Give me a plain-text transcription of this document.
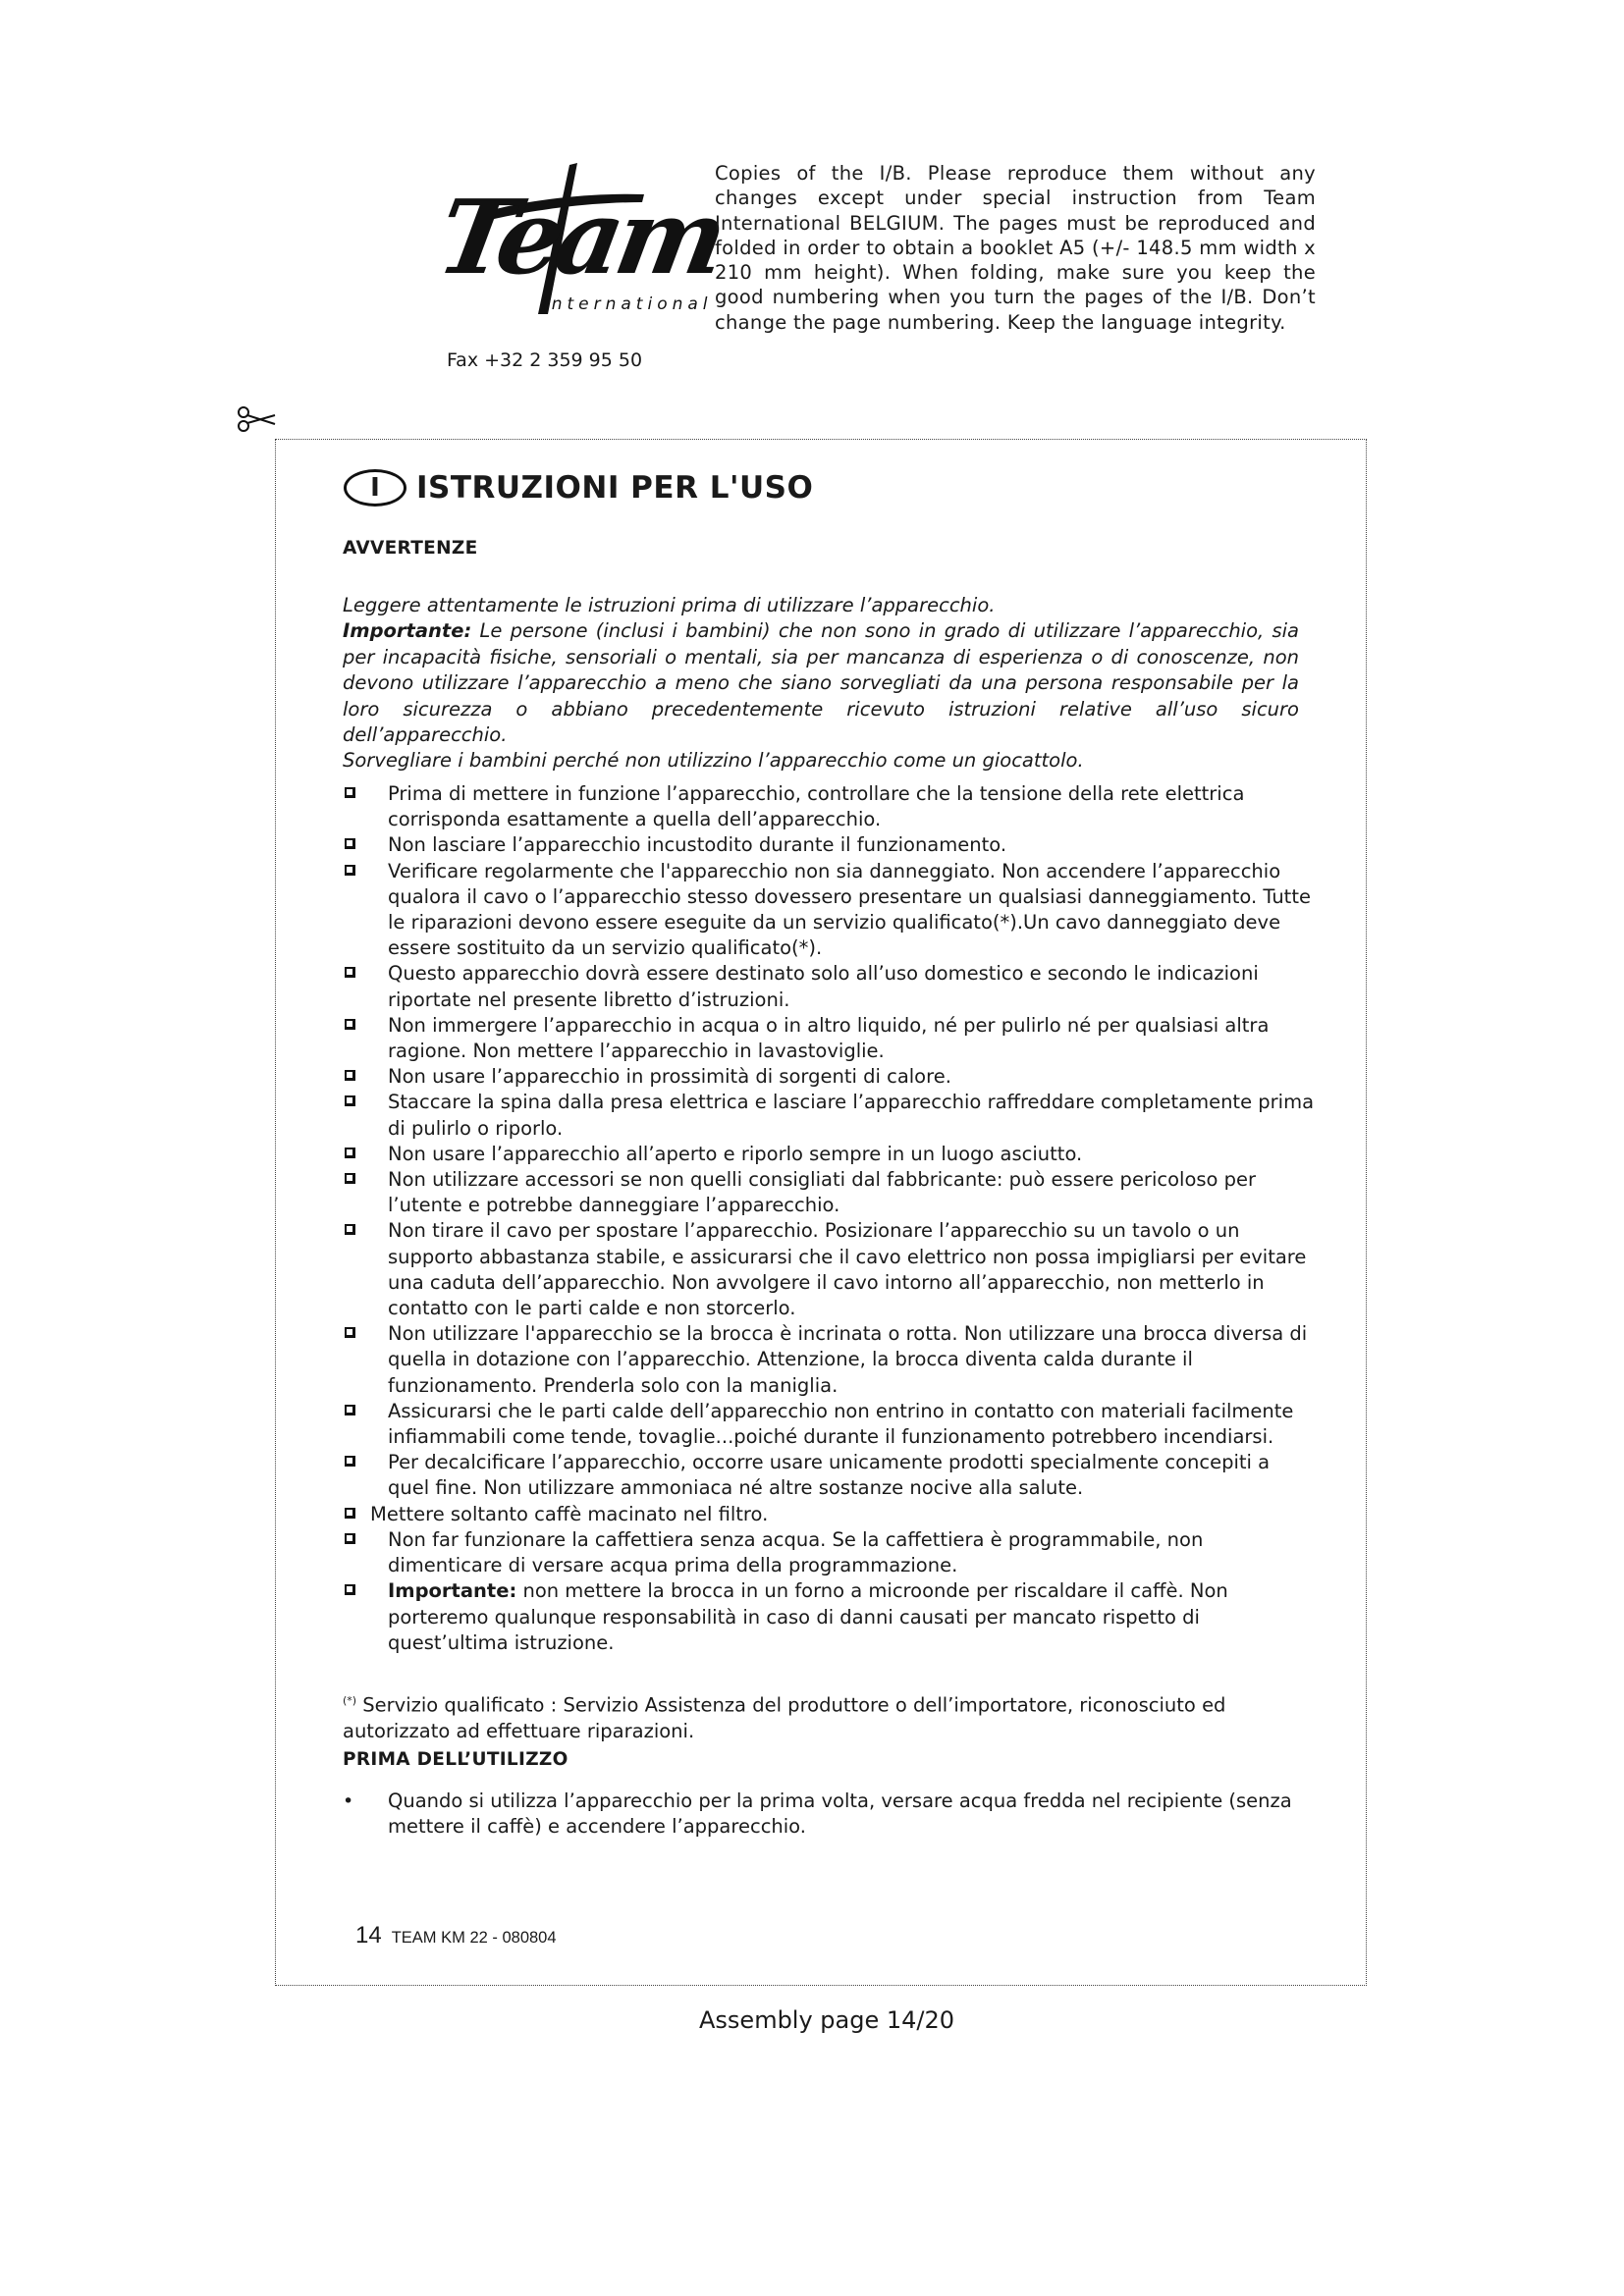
Team
international
Fax +32 2 359 95 50
Copies of the I/B. Please reproduce them without any changes except under special instruction from Team International BELGIUM. The pages must be reproduced and folded in order to obtain a booklet A5 (+/- 148.5 mm width x 210 mm height). When folding, make sure you keep the good numbering when you turn the pages of the I/B. Don’t change the page numbering. Keep the language integrity.
I	ISTRUZIONI PER L'USO
AVVERTENZE

Leggere attentamente le istruzioni prima di utilizzare l’apparecchio.

Importante: Le persone (inclusi i bambini) che non sono in grado di utilizzare l’apparecchio, sia per incapacità fisiche, sensoriali o mentali, sia per mancanza di esperienza o di conoscenze, non devono utilizzare l’apparecchio a meno che siano sorvegliati da una persona responsabile per la loro sicurezza o abbiano precedentemente ricevuto istruzioni relative all’uso sicuro dell’apparecchio.

Sorvegliare i bambini perché non utilizzino l’apparecchio come un giocattolo.

Prima di mettere in funzione l’apparecchio, controllare che la tensione della rete elettrica corrisponda esattamente a quella dell’apparecchio.
Non lasciare l’apparecchio incustodito durante il funzionamento.
Verificare regolarmente che l'apparecchio non sia danneggiato. Non accendere l’apparecchio qualora il cavo o l’apparecchio stesso dovessero presentare un qualsiasi danneggiamento. Tutte le riparazioni devono essere eseguite da un servizio qualificato(*).Un cavo danneggiato deve essere sostituito da un servizio qualificato(*).
Questo apparecchio dovrà essere destinato solo all’uso domestico e secondo le indicazioni riportate nel presente libretto d’istruzioni.
Non immergere l’apparecchio in acqua o in altro liquido, né per pulirlo né per qualsiasi altra ragione. Non mettere l’apparecchio in lavastoviglie.
Non usare l’apparecchio in prossimità di sorgenti di calore.
Staccare la spina dalla presa elettrica e lasciare l’apparecchio raffreddare completamente prima di pulirlo o riporlo.
Non usare l’apparecchio all’aperto e riporlo sempre in un luogo asciutto.
Non utilizzare accessori se non quelli consigliati dal fabbricante: può essere pericoloso per l’utente e potrebbe danneggiare l’apparecchio.
Non tirare il cavo per spostare l’apparecchio. Posizionare l’apparecchio su un tavolo o un supporto abbastanza stabile, e assicurarsi che il cavo elettrico non possa impigliarsi per evitare una caduta dell’apparecchio. Non avvolgere il cavo intorno all’apparecchio, non metterlo in contatto con le parti calde e non storcerlo.
Non utilizzare l'apparecchio se la brocca è incrinata o rotta. Non utilizzare una brocca diversa di quella in dotazione con l’apparecchio. Attenzione, la brocca diventa calda durante il funzionamento. Prenderla solo con la maniglia.
Assicurarsi che le parti calde dell’apparecchio non entrino in contatto con materiali facilmente infiammabili come tende, tovaglie...poiché durante il funzionamento potrebbero incendiarsi.
Per decalcificare l’apparecchio, occorre usare unicamente prodotti specialmente concepiti a quel fine. Non utilizzare ammoniaca né altre sostanze nocive alla salute.
Mettere soltanto caffè macinato nel filtro.
Non far funzionare la caffettiera senza acqua. Se la caffettiera è programmabile, non dimenticare di versare acqua prima della programmazione.
Importante: non mettere la brocca in un forno a microonde per riscaldare il caffè. Non porteremo qualunque responsabilità in caso di danni causati per mancato rispetto di quest’ultima istruzione.
(*) Servizio qualificato : Servizio Assistenza del produttore o dell’importatore, riconosciuto ed autorizzato ad effettuare riparazioni.
PRIMA DELL’UTILIZZO
• Quando si utilizza l’apparecchio per la prima volta, versare acqua fredda nel recipiente (senza mettere il caffè) e accendere l’apparecchio.
14 TEAM KM 22 - 080804
Assembly page 14/20
